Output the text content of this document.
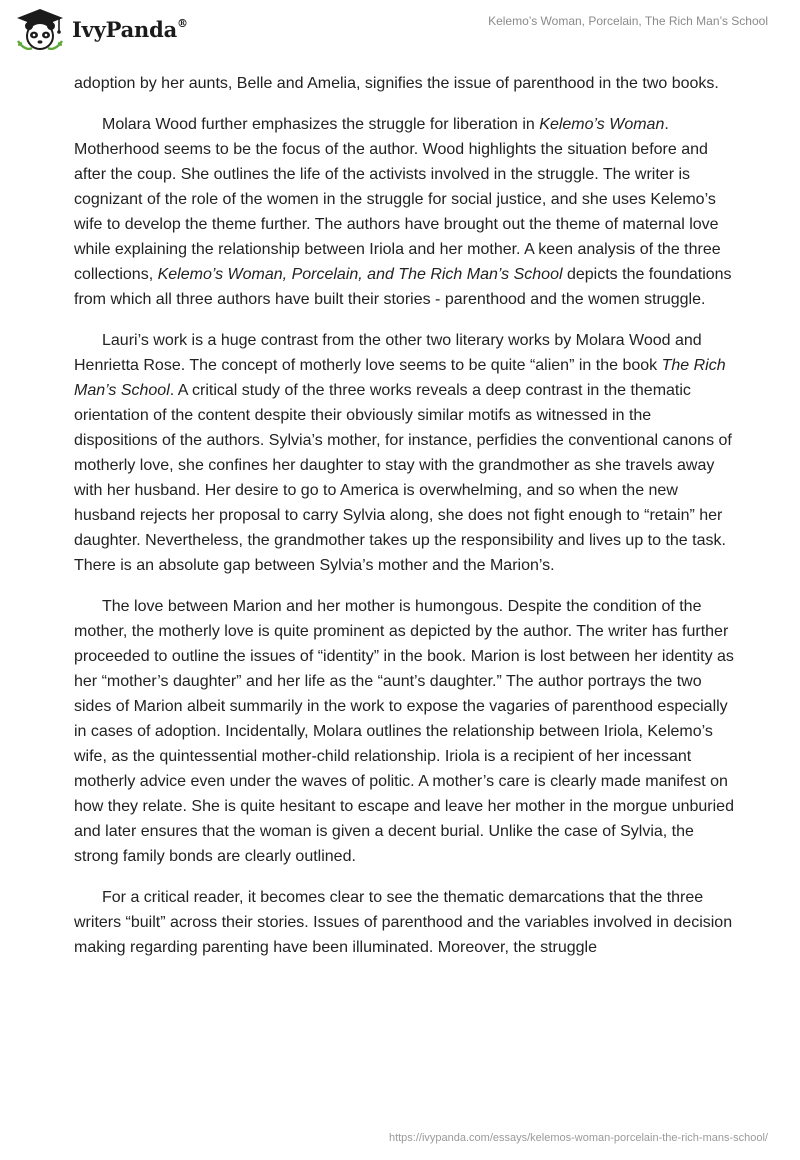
IvyPanda®	Kelemo’s Woman, Porcelain, The Rich Man’s School

adoption by her aunts, Belle and Amelia, signifies the issue of parenthood in the two books.

Molara Wood further emphasizes the struggle for liberation in Kelemo’s Woman. Motherhood seems to be the focus of the author. Wood highlights the situation before and after the coup. She outlines the life of the activists involved in the struggle. The writer is cognizant of the role of the women in the struggle for social justice, and she uses Kelemo’s wife to develop the theme further. The authors have brought out the theme of maternal love while explaining the relationship between Iriola and her mother. A keen analysis of the three collections, Kelemo’s Woman, Porcelain, and The Rich Man’s School depicts the foundations from which all three authors have built their stories - parenthood and the women struggle.

Lauri’s work is a huge contrast from the other two literary works by Molara Wood and Henrietta Rose. The concept of motherly love seems to be quite “alien” in the book The Rich Man’s School. A critical study of the three works reveals a deep contrast in the thematic orientation of the content despite their obviously similar motifs as witnessed in the dispositions of the authors. Sylvia’s mother, for instance, perfidies the conventional canons of motherly love, she confines her daughter to stay with the grandmother as she travels away with her husband. Her desire to go to America is overwhelming, and so when the new husband rejects her proposal to carry Sylvia along, she does not fight enough to “retain” her daughter. Nevertheless, the grandmother takes up the responsibility and lives up to the task. There is an absolute gap between Sylvia’s mother and the Marion’s.

The love between Marion and her mother is humongous. Despite the condition of the mother, the motherly love is quite prominent as depicted by the author. The writer has further proceeded to outline the issues of “identity” in the book. Marion is lost between her identity as her “mother’s daughter” and her life as the “aunt’s daughter.” The author portrays the two sides of Marion albeit summarily in the work to expose the vagaries of parenthood especially in cases of adoption. Incidentally, Molara outlines the relationship between Iriola, Kelemo’s wife, as the quintessential mother-child relationship. Iriola is a recipient of her incessant motherly advice even under the waves of politic. A mother’s care is clearly made manifest on how they relate. She is quite hesitant to escape and leave her mother in the morgue unburied and later ensures that the woman is given a decent burial. Unlike the case of Sylvia, the strong family bonds are clearly outlined.

For a critical reader, it becomes clear to see the thematic demarcations that the three writers “built” across their stories. Issues of parenthood and the variables involved in decision making regarding parenting have been illuminated. Moreover, the struggle

https://ivypanda.com/essays/kelemos-woman-porcelain-the-rich-mans-school/
